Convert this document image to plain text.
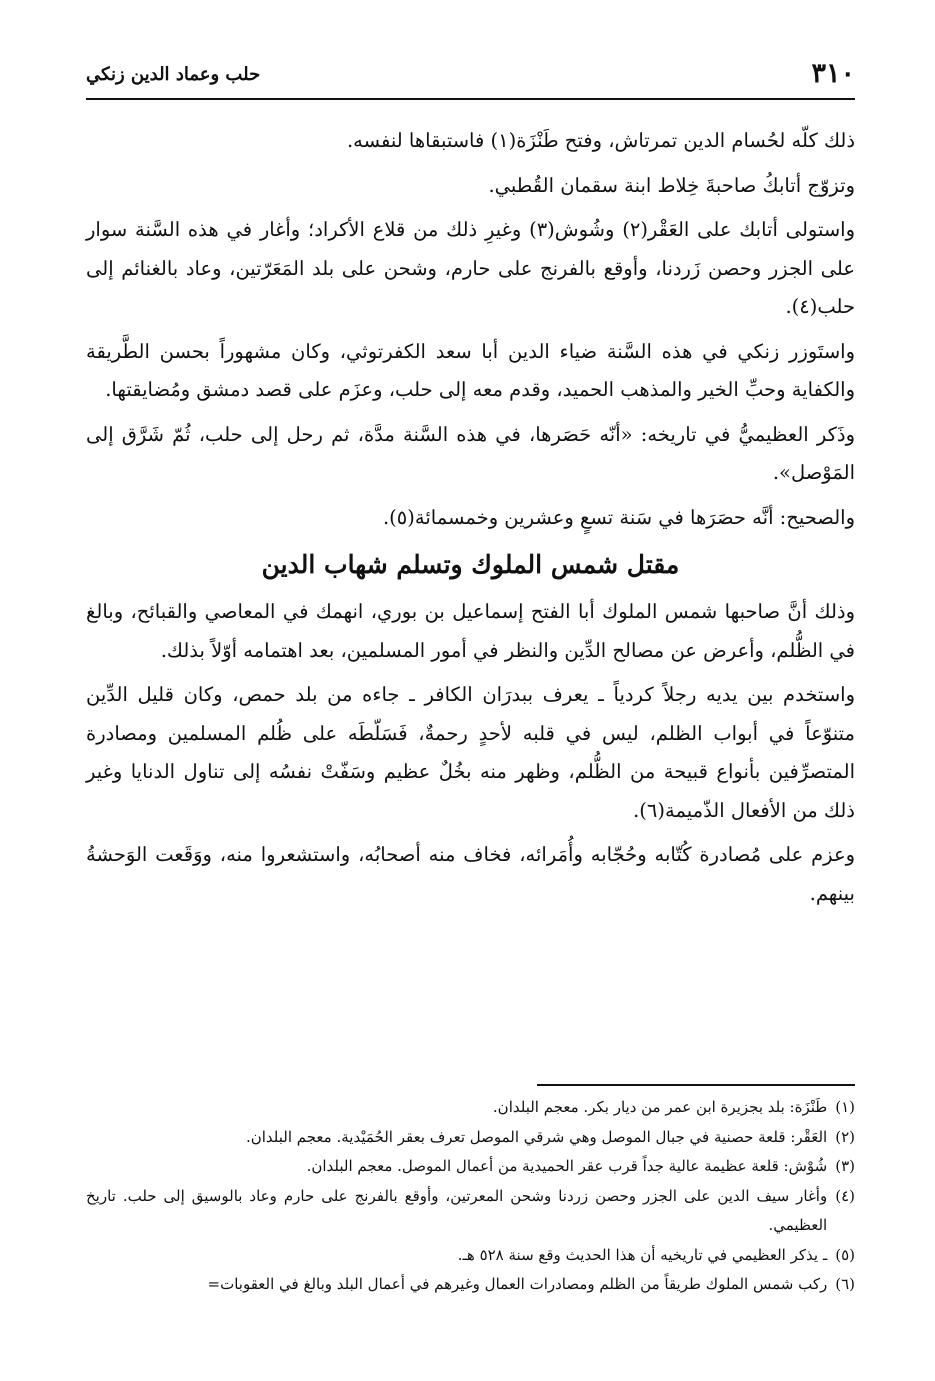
٣١٠
حلب وعماد الدين زنكي

ذلك كلّه لحُسام الدين تمرتاش، وفتح طَنْزَة(١) فاستبقاها لنفسه.

وتزوّج أتابكُ صاحبةَ خِلاط ابنة سقمان القُطبي.

واستولى أتابك على العَقْر(٢) وشُوش(٣) وغيرِ ذلك من قلاع الأكراد؛ وأغار في هذه السَّنة سوار على الجزر وحصن زَردنا، وأوقع بالفرنج على حارم، وشحن على بلد المَعَرّتين، وعاد بالغنائم إلى حلب(٤).

واستَوزر زنكي في هذه السَّنة ضياء الدين أبا سعد الكفرتوثي، وكان مشهوراً بحسن الطَّريقة والكفاية وحبِّ الخير والمذهب الحميد، وقدم معه إلى حلب، وعزَم على قصد دمشق ومُضايقتها.

وذَكر العظيميُّ في تاريخه: «أنّه حَصَرها، في هذه السَّنة مدَّة، ثم رحل إلى حلب، ثُمّ شَرَّق إلى المَوْصل».

والصحيح: أنَّه حصَرَها في سَنة تسعٍ وعشرين وخمسمائة(٥).

مقتل شمس الملوك وتسلم شهاب الدين

وذلك أنَّ صاحبها شمس الملوك أبا الفتح إسماعيل بن بوري، انهمك في المعاصي والقبائح، وبالغ في الظُّلم، وأعرض عن مصالح الدِّين والنظر في أمور المسلمين، بعد اهتمامه أوّلاً بذلك.

واستخدم بين يديه رجلاً كردياً ـ يعرف ببدرَان الكافر ـ جاءه من بلد حمص، وكان قليل الدِّين متنوّعاً في أبواب الظلم، ليس في قلبه لأحدٍ رحمةٌ، فَسَلّطَه على ظُلم المسلمين ومصادرة المتصرِّفين بأنواع قبيحة من الظُّلم، وظهر منه بخُلٌ عظيم وسَفّتْ نفسُه إلى تناول الدنايا وغير ذلك من الأفعال الذّميمة(٦).

وعزم على مُصادرة كُتّابه وحُجّابه وأُمَرائه، فخاف منه أصحابُه، واستشعروا منه، ووَقَعت الوَحشةُ بينهم.

(١)
طَنْزَة: بلد بجزيرة ابن عمر من ديار بكر. معجم البلدان.
(٢)
العَقْر: قلعة حصنية في جبال الموصل وهي شرقي الموصل تعرف بعقر الحُمَيْدية. معجم البلدان.
(٣)
شُوْش: قلعة عظيمة عالية جداً قرب عقر الحميدية من أعمال الموصل. معجم البلدان.
(٤)
وأغار سيف الدين على الجزر وحصن زردنا وشحن المعرتين، وأوقع بالفرنج على حارم وعاد بالوسيق إلى حلب. تاريخ العظيمي.
(٥)
ـ يذكر العظيمي في تاريخيه أن هذا الحديث وقع سنة ٥٢٨ هـ.
(٦)
ركب شمس الملوك طريقاً من الظلم ومصادرات العمال وغيرهم في أعمال البلد وبالغ في العقوبات=
